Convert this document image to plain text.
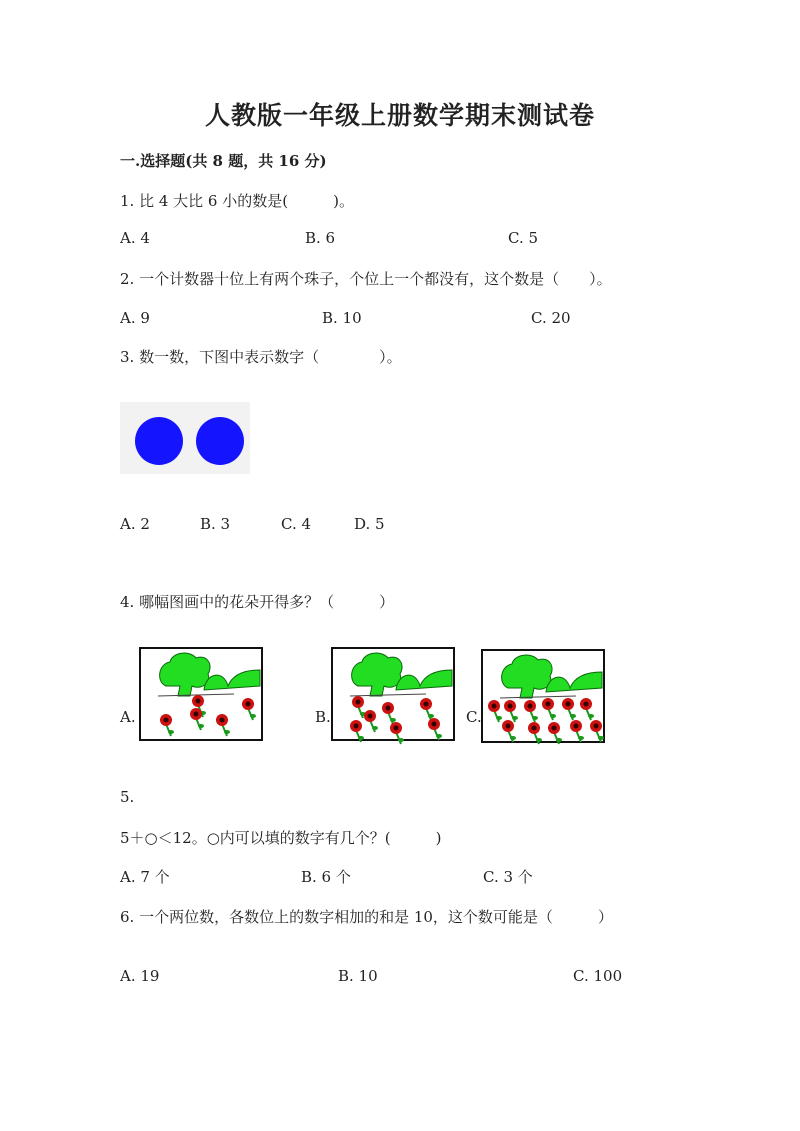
人教版一年级上册数学期末测试卷
一.选择题(共 8 题，共 16 分)
1. 比 4 大比 6 小的数是(　　　)。
A. 4	B. 6	C. 5
2. 一个计数器十位上有两个珠子，个位上一个都没有，这个数是（　　）。
A. 9	B. 10	C. 20
3. 数一数，下图中表示数字（　　　　）。
A. 2	B. 3	C. 4	D. 5
4. 哪幅图画中的花朵开得多？（　　　）
A.	B.	C.
5.
5＋○＜12。○内可以填的数字有几个？(　　　)
A. 7 个	B. 6 个	C. 3 个
6. 一个两位数，各数位上的数字相加的和是 10，这个数可能是（　　　）
A. 19	B. 10	C. 100
